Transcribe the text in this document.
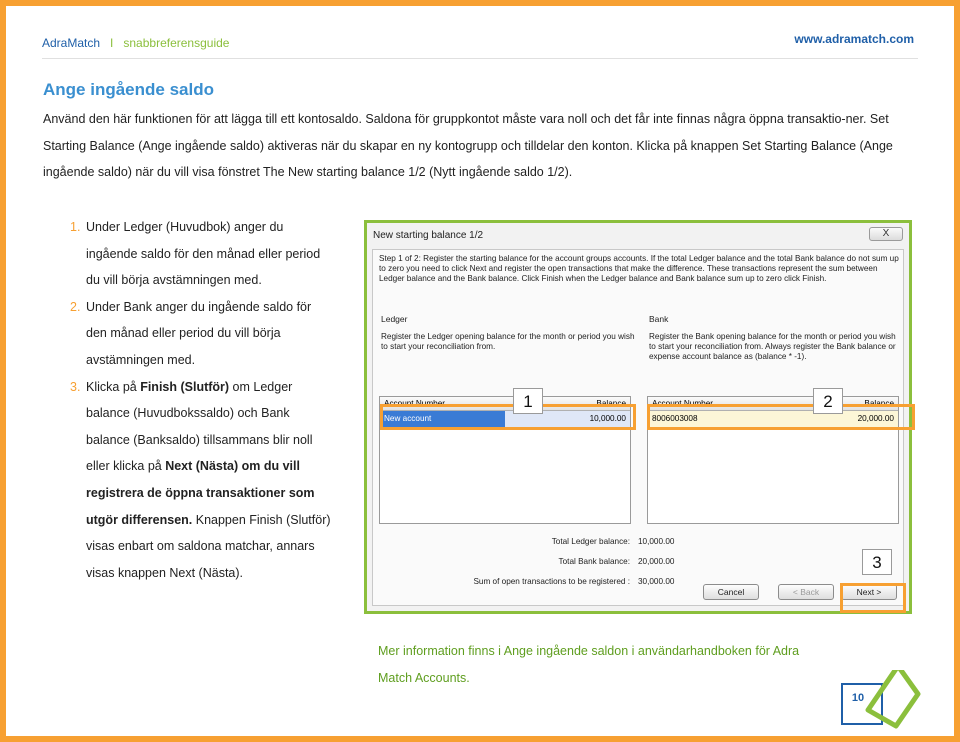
AdraMatch I snabbreferensguide	www.adramatch.com
Ange ingående saldo
Använd den här funktionen för att lägga till ett kontosaldo. Saldona för gruppkontot måste vara noll och det får inte finnas några öppna transaktio-ner. Set Starting Balance (Ange ingående saldo) aktiveras när du skapar en ny kontogrupp och tilldelar den konton. Klicka på knappen Set Starting Balance (Ange ingående saldo) när du vill visa fönstret The New starting balance 1/2 (Nytt ingående saldo 1/2).

1. Under Ledger (Huvudbok) anger du ingående saldo för den månad eller period du vill börja avstämningen med.

2. Under Bank anger du ingående saldo för den månad eller period du vill börja avstämningen med.

3. Klicka på Finish (Slutför) om Ledger balance (Huvudbokssaldo) och Bank balance (Banksaldo) tillsammans blir noll eller klicka på Next (Nästa) om du vill registrera de öppna transaktioner som utgör differensen. Knappen Finish (Slutför) visas enbart om saldona matchar, annars visas knappen Next (Nästa).

New starting balance 1/2	X
Step 1 of 2: Register the starting balance for the account groups accounts. If the total Ledger balance and the total Bank balance do not sum up to zero you need to click Next and register the open transactions that make the difference. These transactions represent the sum between Ledger balance and the Bank balance. Click Finish when the Ledger balance and Bank balance sum up to zero click Finish.
Ledger
Register the Ledger opening balance for the month or period you wish to start your reconciliation from.
Account Number	Balance
New account	10,000.00
Bank
Register the Bank opening balance for the month or period you wish to start your reconciliation from. Always register the Bank balance or expense account balance as (balance * -1).
Account Number	Balance
8006003008	20,000.00
Total Ledger balance: 10,000.00
Total Bank balance: 20,000.00
Sum of open transactions to be registered : 30,000.00
Cancel	< Back	Next >
1	2
3
Mer information finns i Ange ingående saldon i användarhandboken för Adra Match Accounts.
10
